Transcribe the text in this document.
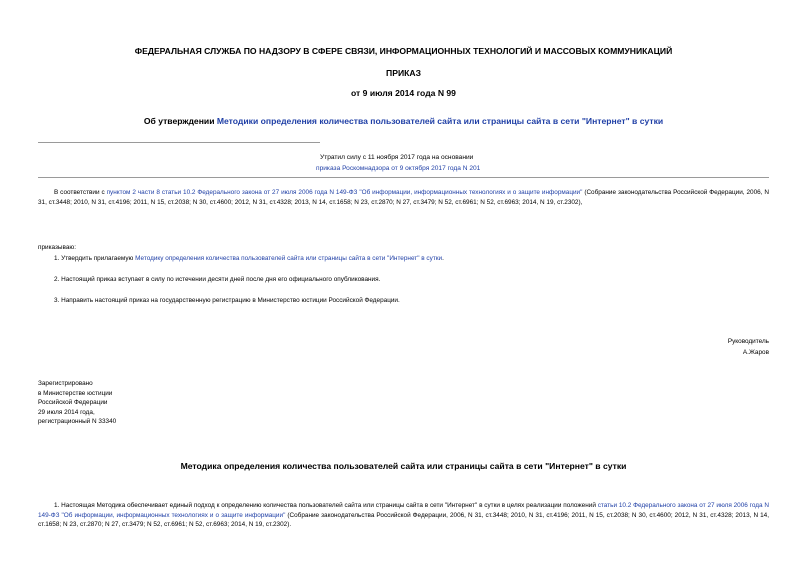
ФЕДЕРАЛЬНАЯ СЛУЖБА ПО НАДЗОРУ В СФЕРЕ СВЯЗИ, ИНФОРМАЦИОННЫХ ТЕХНОЛОГИЙ И МАССОВЫХ КОММУНИКАЦИЙ
ПРИКАЗ
от 9 июля 2014 года N 99
Об утверждении Методики определения количества пользователей сайта или страницы сайта в сети "Интернет" в сутки
Утратил силу с 11 ноября 2017 года на основании
приказа Роскомнадзора от 9 октября 2017 года N 201
В соответствии с пунктом 2 части 8 статьи 10.2 Федерального закона от 27 июля 2006 года N 149-ФЗ "Об информации, информационных технологиях и о защите информации" (Собрание законодательства Российской Федерации, 2006, N 31, ст.3448; 2010, N 31, ст.4196; 2011, N 15, ст.2038; N 30, ст.4600; 2012, N 31, ст.4328; 2013, N 14, ст.1658; N 23, ст.2870; N 27, ст.3479; N 52, ст.6961; N 52, ст.6963; 2014, N 19, ст.2302),
приказываю:
1. Утвердить прилагаемую Методику определения количества пользователей сайта или страницы сайта в сети "Интернет" в сутки.
2. Настоящий приказ вступает в силу по истечении десяти дней после дня его официального опубликования.
3. Направить настоящий приказ на государственную регистрацию в Министерство юстиции Российской Федерации.
Руководитель
А.Жаров
Зарегистрировано
в Министерстве юстиции
Российской Федерации
29 июля 2014 года,
регистрационный N 33340
Методика определения количества пользователей сайта или страницы сайта в сети "Интернет" в сутки
1. Настоящая Методика обеспечивает единый подход к определению количества пользователей сайта или страницы сайта в сети "Интернет" в сутки в целях реализации положений статьи 10.2 Федерального закона от 27 июля 2006 года N 149-ФЗ "Об информации, информационных технологиях и о защите информации" (Собрание законодательства Российской Федерации, 2006, N 31, ст.3448; 2010, N 31, ст.4196; 2011, N 15, ст.2038; N 30, ст.4600; 2012, N 31, ст.4328; 2013, N 14, ст.1658; N 23, ст.2870; N 27, ст.3479; N 52, ст.6961; N 52, ст.6963; 2014, N 19, ст.2302).
